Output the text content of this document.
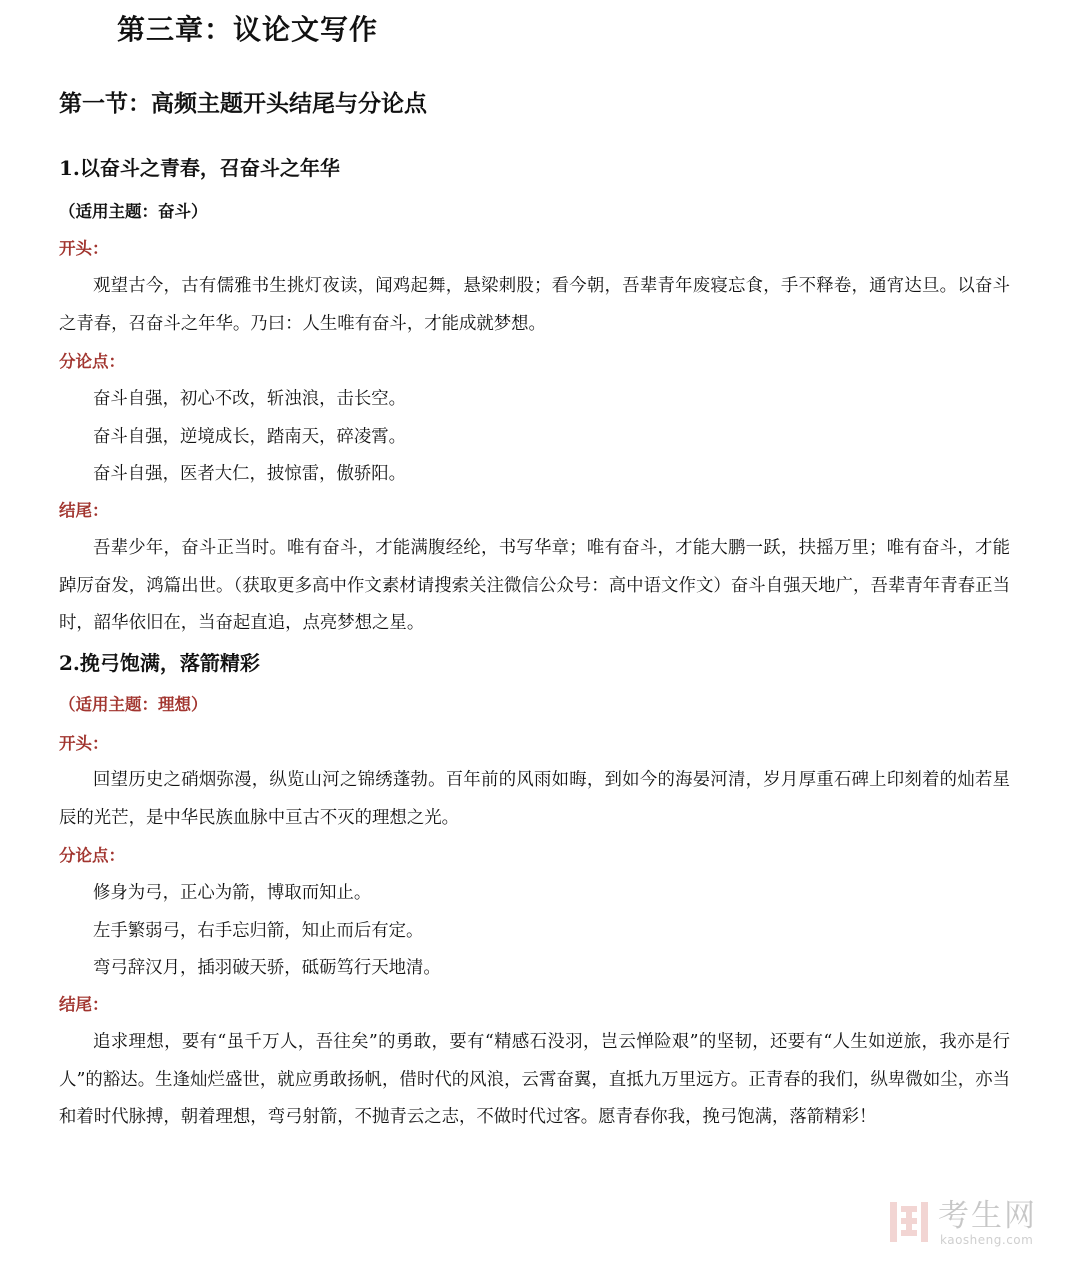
第三章：议论文写作
第一节：高频主题开头结尾与分论点
1.以奋斗之青春，召奋斗之年华
（适用主题：奋斗）
开头：

观望古今，古有儒雅书生挑灯夜读，闻鸡起舞，悬梁刺股；看今朝，吾辈青年废寝忘食，手不释卷，通宵达旦。以奋斗之青春，召奋斗之年华。乃曰：人生唯有奋斗，才能成就梦想。

分论点：
奋斗自强，初心不改，斩浊浪，击长空。
奋斗自强，逆境成长，踏南天，碎凌霄。
奋斗自强，医者大仁，披惊雷，傲骄阳。
结尾：

吾辈少年，奋斗正当时。唯有奋斗，才能满腹经纶，书写华章；唯有奋斗，才能大鹏一跃，扶摇万里；唯有奋斗，才能踔厉奋发，鸿篇出世。（获取更多高中作文素材请搜索关注微信公众号：高中语文作文）奋斗自强天地广，吾辈青年青春正当时，韶华依旧在，当奋起直追，点亮梦想之星。

2.挽弓饱满，落箭精彩
（适用主题：理想）
开头：

回望历史之硝烟弥漫，纵览山河之锦绣蓬勃。百年前的风雨如晦，到如今的海晏河清，岁月厚重石碑上印刻着的灿若星辰的光芒，是中华民族血脉中亘古不灭的理想之光。

分论点：
修身为弓，正心为箭，博取而知止。
左手繁弱弓，右手忘归箭，知止而后有定。
弯弓辞汉月，插羽破天骄，砥砺笃行天地清。
结尾：

追求理想，要有“虽千万人，吾往矣”的勇敢，要有“精感石没羽，岂云惮险艰”的坚韧，还要有“人生如逆旅，我亦是行人”的豁达。生逢灿烂盛世，就应勇敢扬帆，借时代的风浪，云霄奋翼，直抵九万里远方。正青春的我们，纵卑微如尘，亦当和着时代脉搏，朝着理想，弯弓射箭，不抛青云之志，不做时代过客。愿青春你我，挽弓饱满，落箭精彩！

考生网
kaosheng.com
